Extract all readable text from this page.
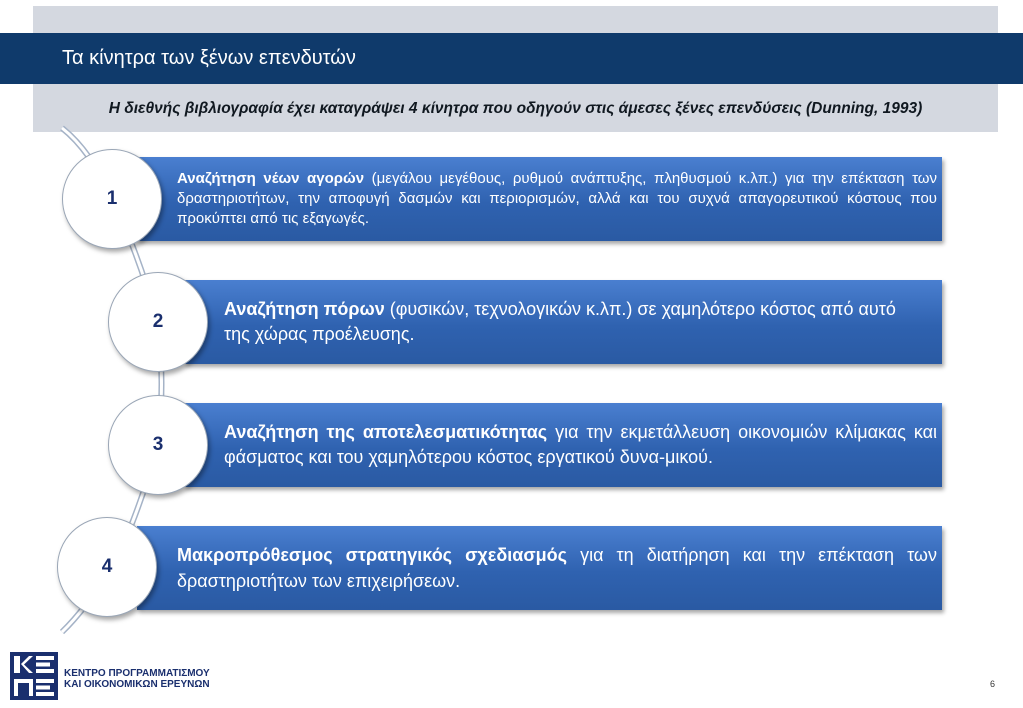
Τα κίνητρα των ξένων επενδυτών
Η διεθνής βιβλιογραφία έχει καταγράψει 4 κίνητρα που οδηγούν στις άμεσες ξένες επενδύσεις (Dunning, 1993)
Αναζήτηση νέων αγορών (μεγάλου μεγέθους, ρυθμού ανάπτυξης, πληθυσμού κ.λπ.) για την επέκταση των δραστηριοτήτων, την αποφυγή δασμών και περιορισμών, αλλά και του συχνά απαγορευτικού κόστους που προκύπτει από τις εξαγωγές.
1
Αναζήτηση πόρων (φυσικών, τεχνολογικών κ.λπ.) σε χαμηλότερο κόστος από αυτό της χώρας προέλευσης.
2
Αναζήτηση της αποτελεσματικότητας για την εκμετάλλευση οικονομιών κλίμακας και φάσματος και του χαμηλότερου κόστος εργατικού δυνα-μικού.
3
Μακροπρόθεσμος στρατηγικός σχεδιασμός για τη διατήρηση και την επέκταση των δραστηριοτήτων των επιχειρήσεων.
4
ΚΕΝΤΡΟ ΠΡΟΓΡΑΜΜΑΤΙΣΜΟΥ
ΚΑΙ ΟΙΚΟΝΟΜΙΚΩΝ ΕΡΕΥΝΩΝ	6
